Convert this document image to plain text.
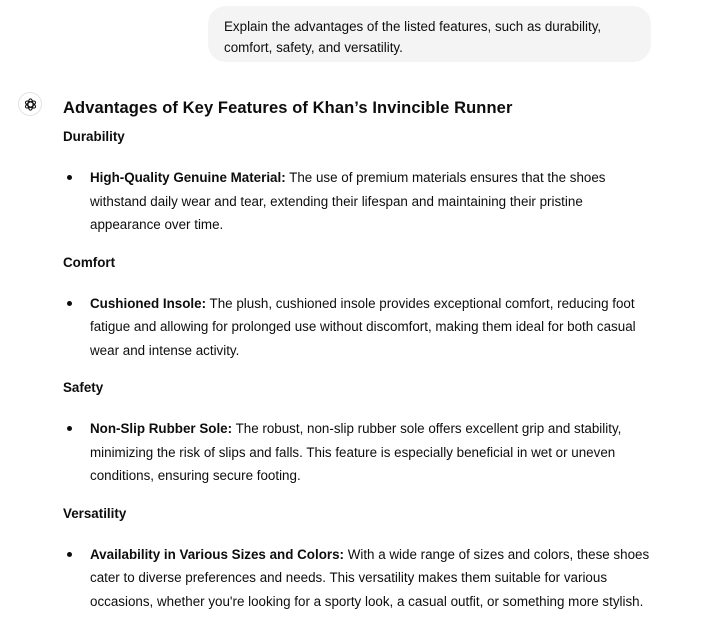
Explain the advantages of the listed features, such as durability, comfort, safety, and versatility.
Advantages of Key Features of Khan’s Invincible Runner

Durability

High-Quality Genuine Material: The use of premium materials ensures that the shoes withstand daily wear and tear, extending their lifespan and maintaining their pristine appearance over time.

Comfort

Cushioned Insole: The plush, cushioned insole provides exceptional comfort, reducing foot fatigue and allowing for prolonged use without discomfort, making them ideal for both casual wear and intense activity.

Safety

Non-Slip Rubber Sole: The robust, non-slip rubber sole offers excellent grip and stability, minimizing the risk of slips and falls. This feature is especially beneficial in wet or uneven conditions, ensuring secure footing.

Versatility

Availability in Various Sizes and Colors: With a wide range of sizes and colors, these shoes cater to diverse preferences and needs. This versatility makes them suitable for various occasions, whether you're looking for a sporty look, a casual outfit, or something more stylish.
